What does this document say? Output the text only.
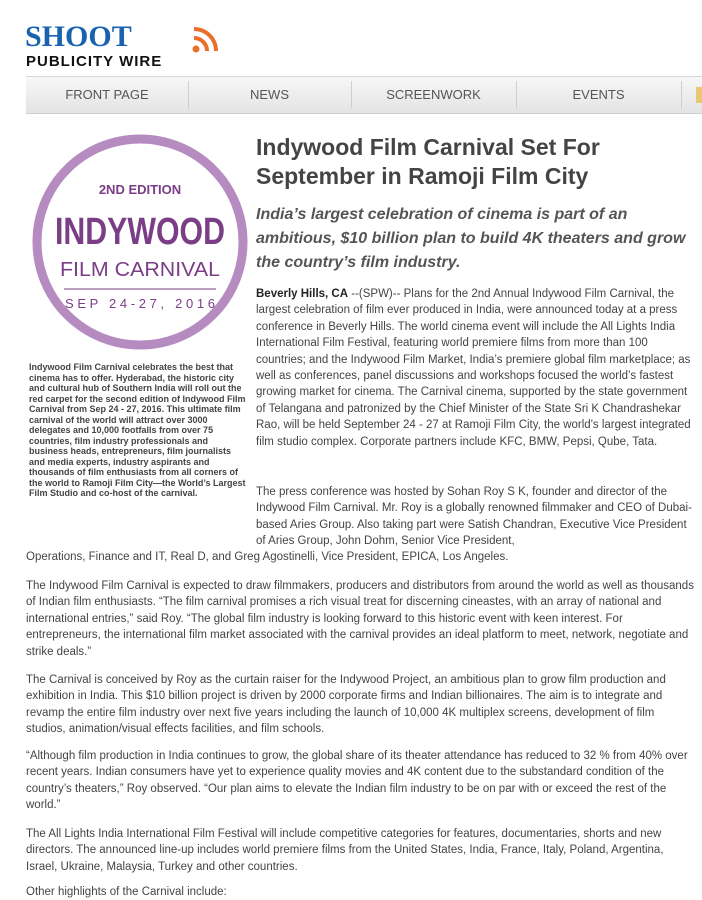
SHOOT
PUBLICITY WIRE
FRONT PAGE	NEWS	SCREENWORK	EVENTS
2ND EDITION
INDYWOOD
FILM CARNIVAL
SEP 24-27, 2016
Indywood Film Carnival celebrates the best that cinema has to offer. Hyderabad, the historic city and cultural hub of Southern India will roll out the red carpet for the second edition of Indywood Film Carnival from Sep 24 - 27, 2016. This ultimate film carnival of the world will attract over 3000 delegates and 10,000 footfalls from over 75 countries, film industry professionals and business heads, entrepreneurs, film journalists and media experts, industry aspirants and thousands of film enthusiasts from all corners of the world to Ramoji Film City—the World’s Largest Film Studio and co-host of the carnival.
Indywood Film Carnival Set For September in Ramoji Film City
India’s largest celebration of cinema is part of an ambitious, $10 billion plan to build 4K theaters and grow the country’s film industry.

Beverly Hills, CA --(SPW)-- Plans for the 2nd Annual Indywood Film Carnival, the largest celebration of film ever produced in India, were announced today at a press conference in Beverly Hills. The world cinema event will include the All Lights India International Film Festival, featuring world premiere films from more than 100 countries; and the Indywood Film Market, India’s premiere global film marketplace; as well as conferences, panel discussions and workshops focused the world’s fastest growing market for cinema. The Carnival cinema, supported by the state government of Telangana and patronized by the Chief Minister of the State Sri K Chandrashekar Rao, will be held September 24 - 27 at Ramoji Film City, the world's largest integrated film studio complex. Corporate partners include KFC, BMW, Pepsi, Qube, Tata.

The press conference was hosted by Sohan Roy S K, founder and director of the Indywood Film Carnival. Mr. Roy is a globally renowned filmmaker and CEO of Dubai-based Aries Group. Also taking part were Satish Chandran, Executive Vice President of Aries Group, John Dohm, Senior Vice President,

Operations, Finance and IT, Real D, and Greg Agostinelli, Vice President, EPICA, Los Angeles.

The Indywood Film Carnival is expected to draw filmmakers, producers and distributors from around the world as well as thousands of Indian film enthusiasts. “The film carnival promises a rich visual treat for discerning cineastes, with an array of national and international entries,” said Roy. “The global film industry is looking forward to this historic event with keen interest. For entrepreneurs, the international film market associated with the carnival provides an ideal platform to meet, network, negotiate and strike deals.”

The Carnival is conceived by Roy as the curtain raiser for the Indywood Project, an ambitious plan to grow film production and exhibition in India. This $10 billion project is driven by 2000 corporate firms and Indian billionaires. The aim is to integrate and revamp the entire film industry over next five years including the launch of 10,000 4K multiplex screens, development of film studios, animation/visual effects facilities, and film schools.

“Although film production in India continues to grow, the global share of its theater attendance has reduced to 32 % from 40% over recent years. Indian consumers have yet to experience quality movies and 4K content due to the substandard condition of the country’s theaters,” Roy observed. “Our plan aims to elevate the Indian film industry to be on par with or exceed the rest of the world.”

The All Lights India International Film Festival will include competitive categories for features, documentaries, shorts and new directors. The announced line-up includes world premiere films from the United States, India, France, Italy, Poland, Argentina, Israel, Ukraine, Malaysia, Turkey and other countries.

Other highlights of the Carnival include:
